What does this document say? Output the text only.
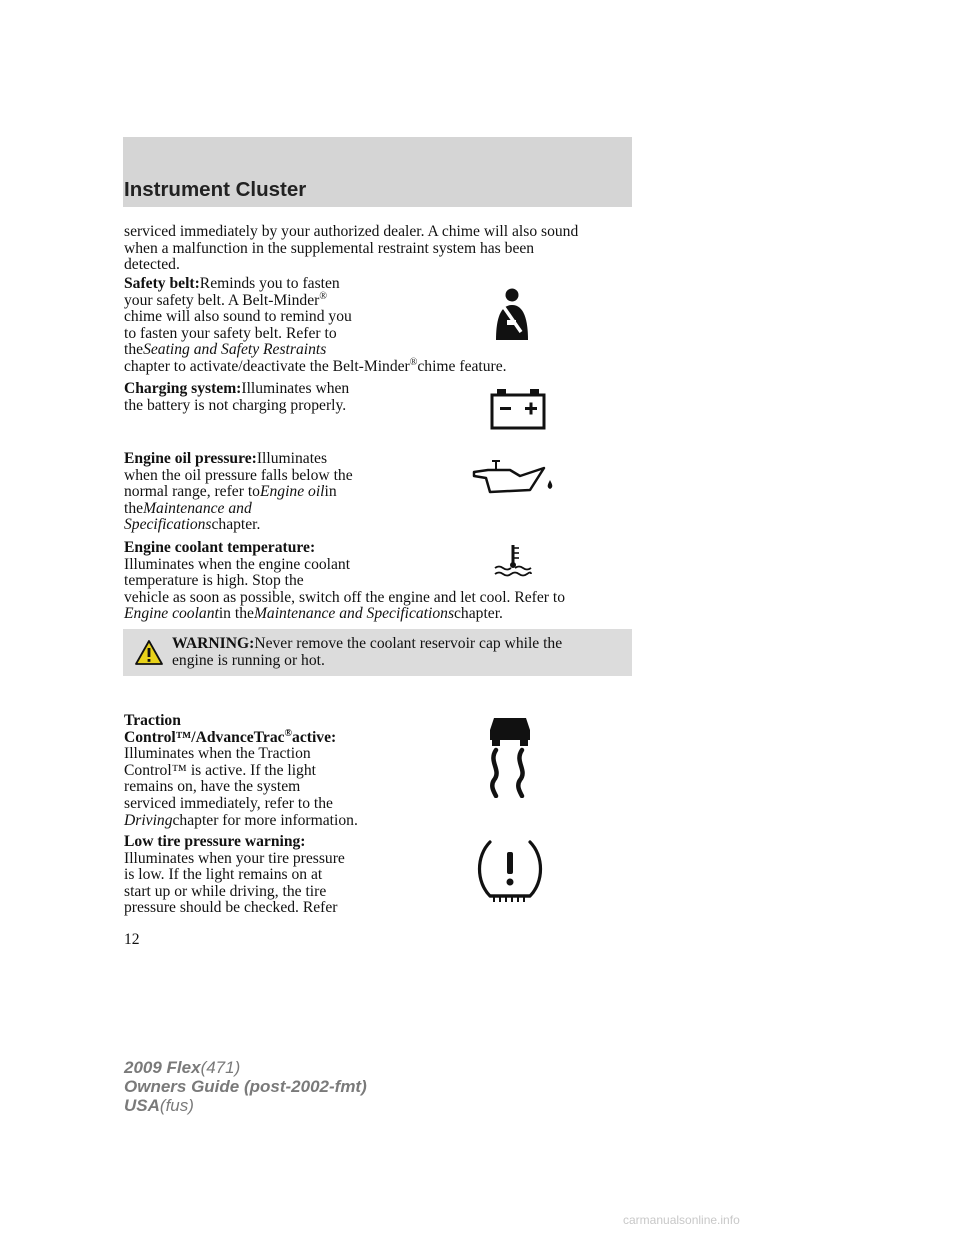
Instrument Cluster
serviced immediately by your authorized dealer. A chime will also sound
when a malfunction in the supplemental restraint system has been
detected.
Safety belt:Reminds you to fasten
your safety belt. A Belt-Minder®
chime will also sound to remind you
to fasten your safety belt. Refer to
theSeating and Safety Restraints
chapter to activate/deactivate the Belt-Minder®chime feature.
Charging system:Illuminates when
the battery is not charging properly.
Engine oil pressure:Illuminates
when the oil pressure falls below the
normal range, refer toEngine oilin
theMaintenance and
Specificationschapter.
Engine coolant temperature:
Illuminates when the engine coolant
temperature is high. Stop the
vehicle as soon as possible, switch off the engine and let cool. Refer to
Engine coolantin theMaintenance and Specificationschapter.
WARNING:Never remove the coolant reservoir cap while the
engine is running or hot.
Traction
Control™/AdvanceTrac®active:
Illuminates when the Traction
Control™ is active. If the light
remains on, have the system
serviced immediately, refer to the
Drivingchapter for more information.
Low tire pressure warning:
Illuminates when your tire pressure
is low. If the light remains on at
start up or while driving, the tire
pressure should be checked. Refer
12
2009 Flex(471)
Owners Guide (post-2002-fmt)
USA(fus)
carmanualsonline.info
